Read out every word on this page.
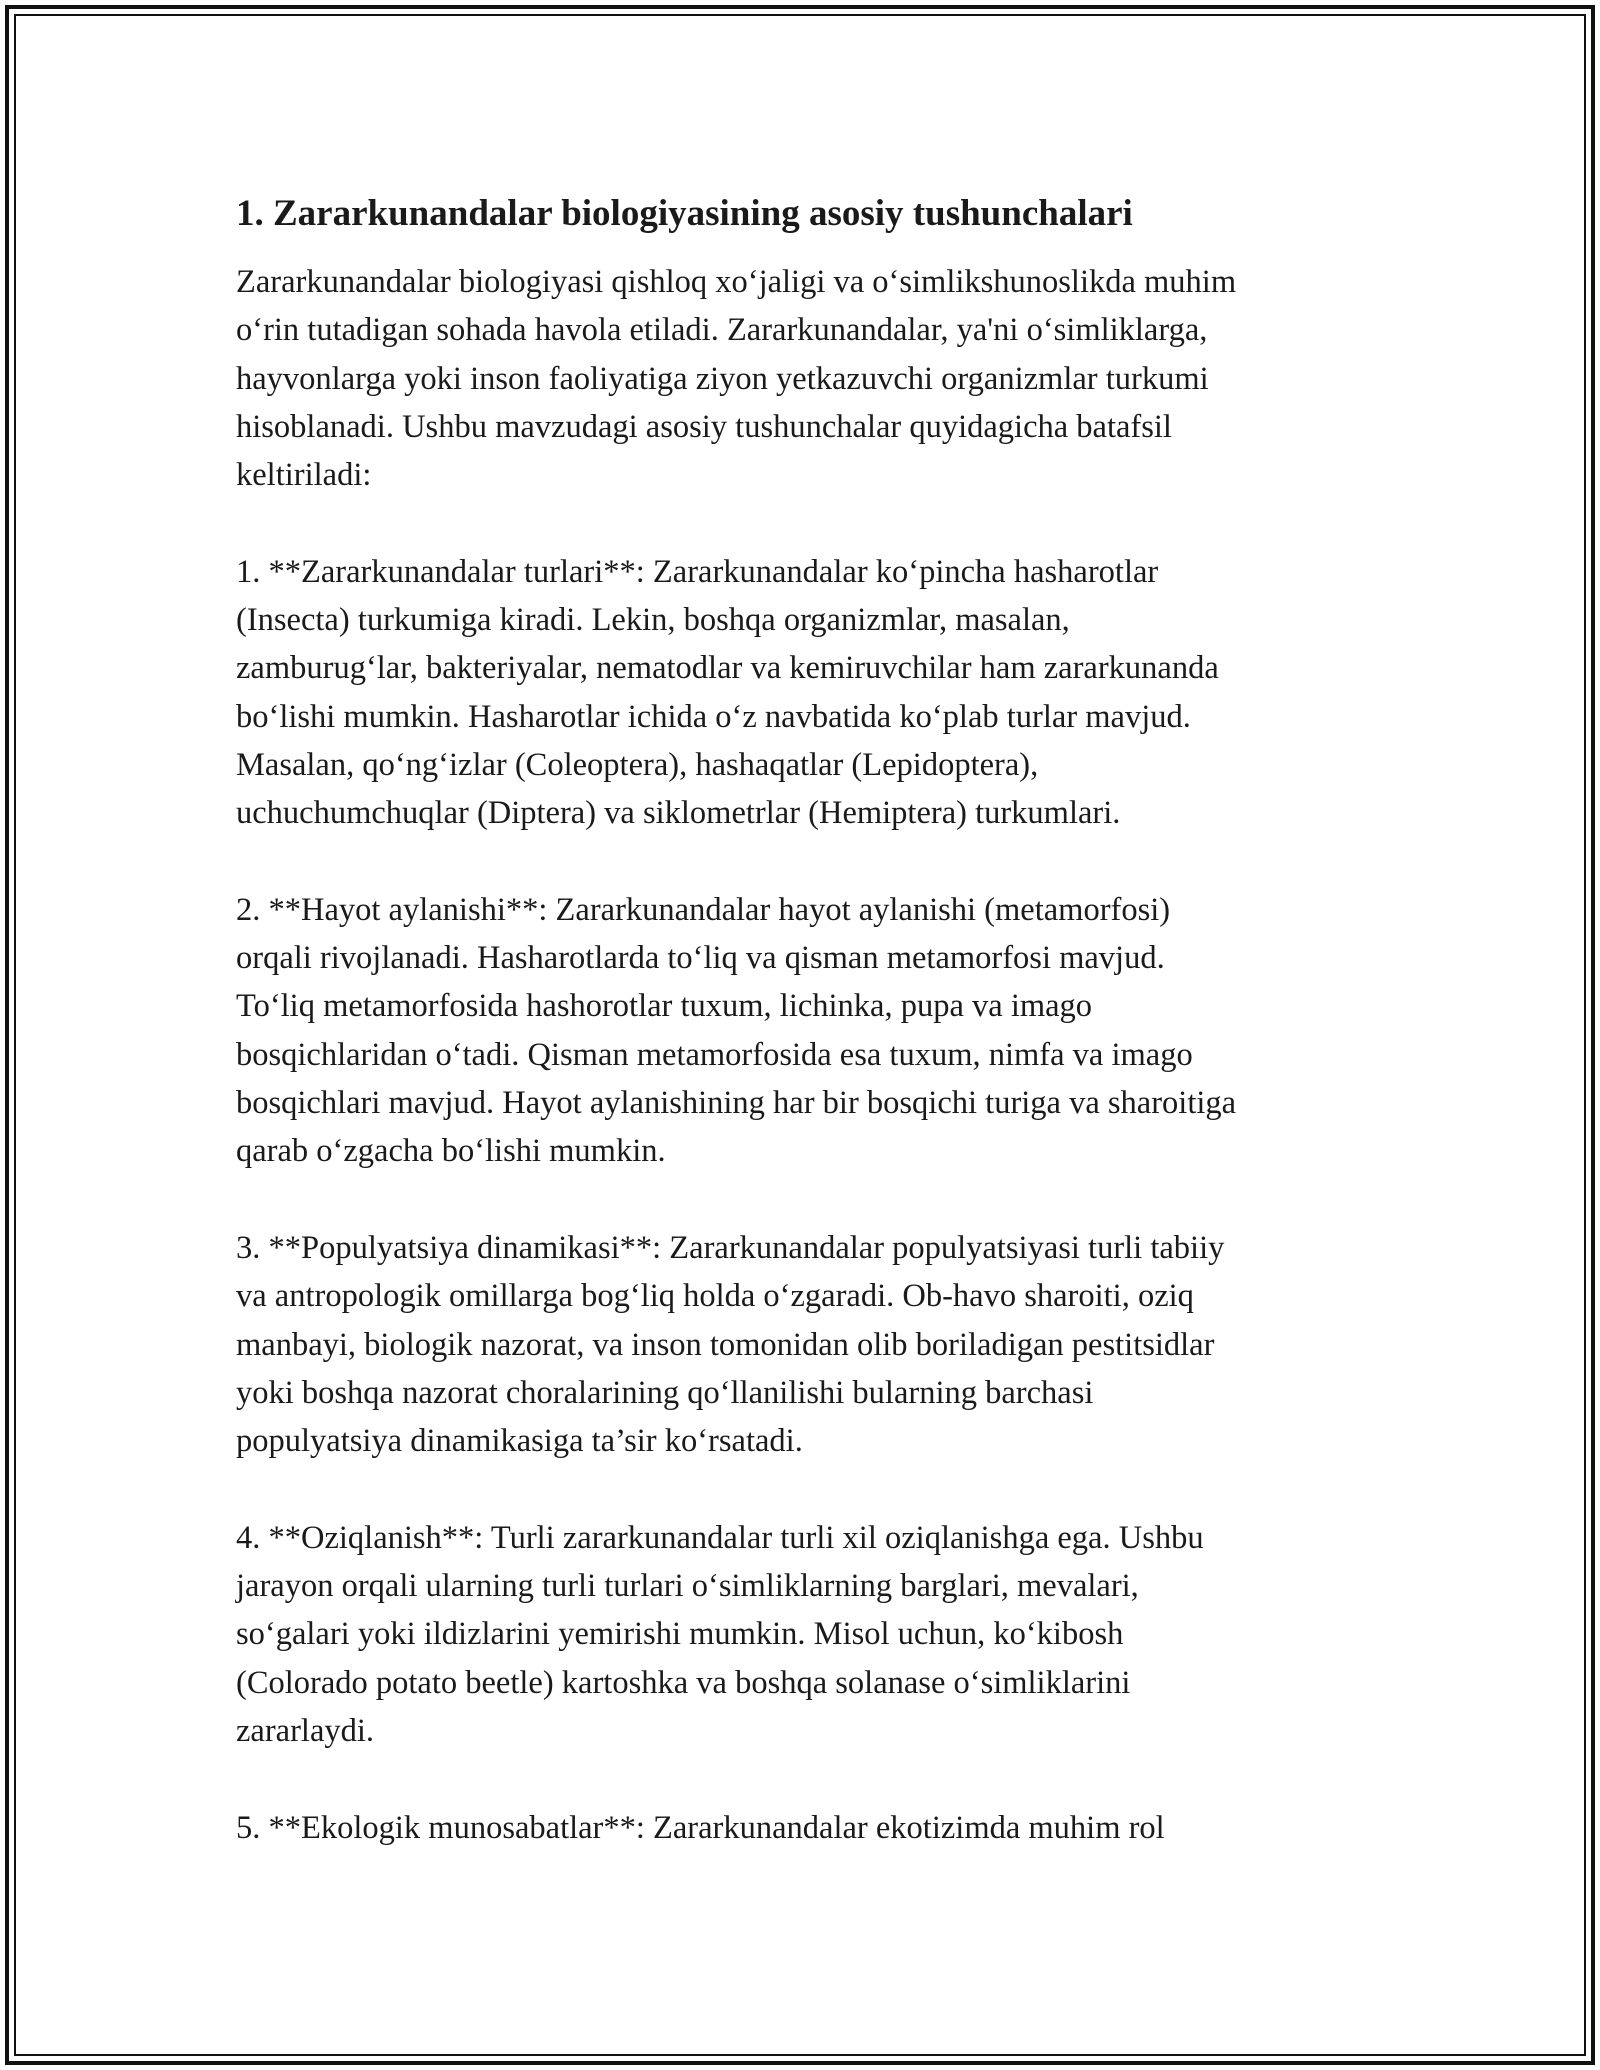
1. Zararkunandalar biologiyasining asosiy tushunchalari

Zararkunandalar biologiyasi qishloq xo‘jaligi va o‘simlikshunoslikda muhim
o‘rin tutadigan sohada havola etiladi. Zararkunandalar, ya'ni o‘simliklarga,
hayvonlarga yoki inson faoliyatiga ziyon yetkazuvchi organizmlar turkumi
hisoblanadi. Ushbu mavzudagi asosiy tushunchalar quyidagicha batafsil
keltiriladi:

1. **Zararkunandalar turlari**: Zararkunandalar ko‘pincha hasharotlar
(Insecta) turkumiga kiradi. Lekin, boshqa organizmlar, masalan,
zamburug‘lar, bakteriyalar, nematodlar va kemiruvchilar ham zararkunanda
bo‘lishi mumkin. Hasharotlar ichida o‘z navbatida ko‘plab turlar mavjud.
Masalan, qo‘ng‘izlar (Coleoptera), hashaqatlar (Lepidoptera),
uchuchumchuqlar (Diptera) va siklometrlar (Hemiptera) turkumlari.

2. **Hayot aylanishi**: Zararkunandalar hayot aylanishi (metamorfosi)
orqali rivojlanadi. Hasharotlarda to‘liq va qisman metamorfosi mavjud.
To‘liq metamorfosida hashorotlar tuxum, lichinka, pupa va imago
bosqichlaridan o‘tadi. Qisman metamorfosida esa tuxum, nimfa va imago
bosqichlari mavjud. Hayot aylanishining har bir bosqichi turiga va sharoitiga
qarab o‘zgacha bo‘lishi mumkin.

3. **Populyatsiya dinamikasi**: Zararkunandalar populyatsiyasi turli tabiiy
va antropologik omillarga bog‘liq holda o‘zgaradi. Ob-havo sharoiti, oziq
manbayi, biologik nazorat, va inson tomonidan olib boriladigan pestitsidlar
yoki boshqa nazorat choralarining qo‘llanilishi bularning barchasi
populyatsiya dinamikasiga ta’sir ko‘rsatadi.

4. **Oziqlanish**: Turli zararkunandalar turli xil oziqlanishga ega. Ushbu
jarayon orqali ularning turli turlari o‘simliklarning barglari, mevalari,
so‘galari yoki ildizlarini yemirishi mumkin. Misol uchun, ko‘kibosh
(Colorado potato beetle) kartoshka va boshqa solanase o‘simliklarini
zararlaydi.

5. **Ekologik munosabatlar**: Zararkunandalar ekotizimda muhim rol
